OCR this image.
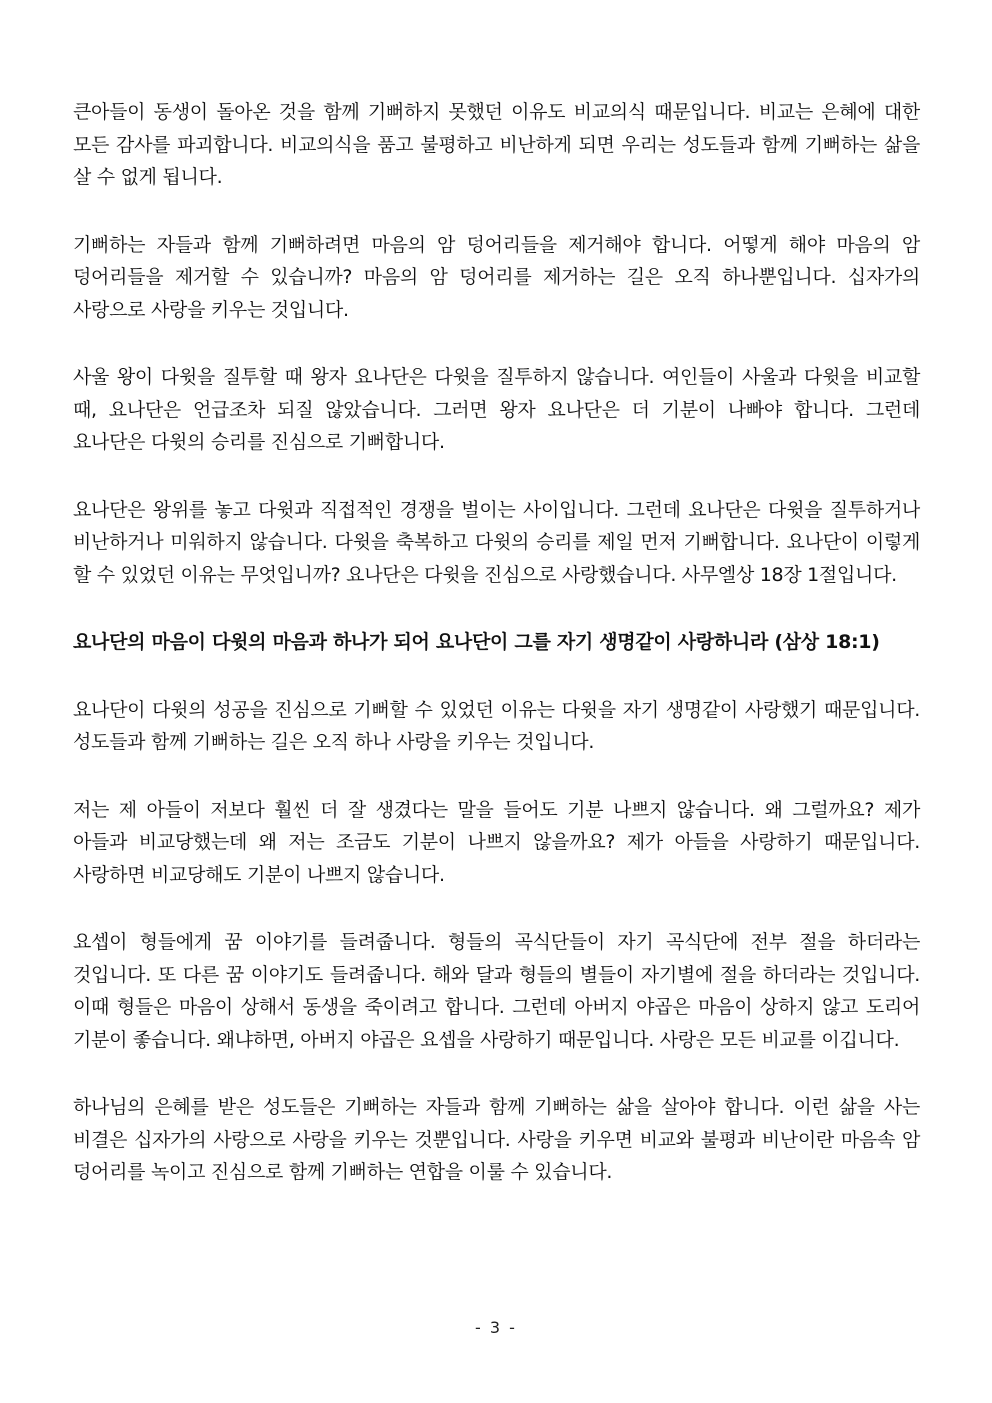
큰아들이 동생이 돌아온 것을 함께 기뻐하지 못했던 이유도 비교의식 때문입니다. 비교는 은혜에 대한 모든 감사를 파괴합니다. 비교의식을 품고 불평하고 비난하게 되면 우리는 성도들과 함께 기뻐하는 삶을 살 수 없게 됩니다.

기뻐하는 자들과 함께 기뻐하려면 마음의 암 덩어리들을 제거해야 합니다. 어떻게 해야 마음의 암 덩어리들을 제거할 수 있습니까? 마음의 암 덩어리를 제거하는 길은 오직 하나뿐입니다. 십자가의 사랑으로 사랑을 키우는 것입니다.

사울 왕이 다윗을 질투할 때 왕자 요나단은 다윗을 질투하지 않습니다. 여인들이 사울과 다윗을 비교할 때, 요나단은 언급조차 되질 않았습니다. 그러면 왕자 요나단은 더 기분이 나빠야 합니다. 그런데 요나단은 다윗의 승리를 진심으로 기뻐합니다.

요나단은 왕위를 놓고 다윗과 직접적인 경쟁을 벌이는 사이입니다. 그런데 요나단은 다윗을 질투하거나 비난하거나 미워하지 않습니다. 다윗을 축복하고 다윗의 승리를 제일 먼저 기뻐합니다. 요나단이 이렇게 할 수 있었던 이유는 무엇입니까? 요나단은 다윗을 진심으로 사랑했습니다. 사무엘상 18장 1절입니다.

요나단의 마음이 다윗의 마음과 하나가 되어 요나단이 그를 자기 생명같이 사랑하니라 (삼상 18:1)

요나단이 다윗의 성공을 진심으로 기뻐할 수 있었던 이유는 다윗을 자기 생명같이 사랑했기 때문입니다. 성도들과 함께 기뻐하는 길은 오직 하나 사랑을 키우는 것입니다.

저는 제 아들이 저보다 훨씬 더 잘 생겼다는 말을 들어도 기분 나쁘지 않습니다. 왜 그럴까요? 제가 아들과 비교당했는데 왜 저는 조금도 기분이 나쁘지 않을까요? 제가 아들을 사랑하기 때문입니다. 사랑하면 비교당해도 기분이 나쁘지 않습니다.

요셉이 형들에게 꿈 이야기를 들려줍니다. 형들의 곡식단들이 자기 곡식단에 전부 절을 하더라는 것입니다. 또 다른 꿈 이야기도 들려줍니다. 해와 달과 형들의 별들이 자기별에 절을 하더라는 것입니다. 이때 형들은 마음이 상해서 동생을 죽이려고 합니다. 그런데 아버지 야곱은 마음이 상하지 않고 도리어 기분이 좋습니다. 왜냐하면, 아버지 야곱은 요셉을 사랑하기 때문입니다. 사랑은 모든 비교를 이깁니다.

하나님의 은혜를 받은 성도들은 기뻐하는 자들과 함께 기뻐하는 삶을 살아야 합니다. 이런 삶을 사는 비결은 십자가의 사랑으로 사랑을 키우는 것뿐입니다. 사랑을 키우면 비교와 불평과 비난이란 마음속 암 덩어리를 녹이고 진심으로 함께 기뻐하는 연합을 이룰 수 있습니다.

- 3 -
